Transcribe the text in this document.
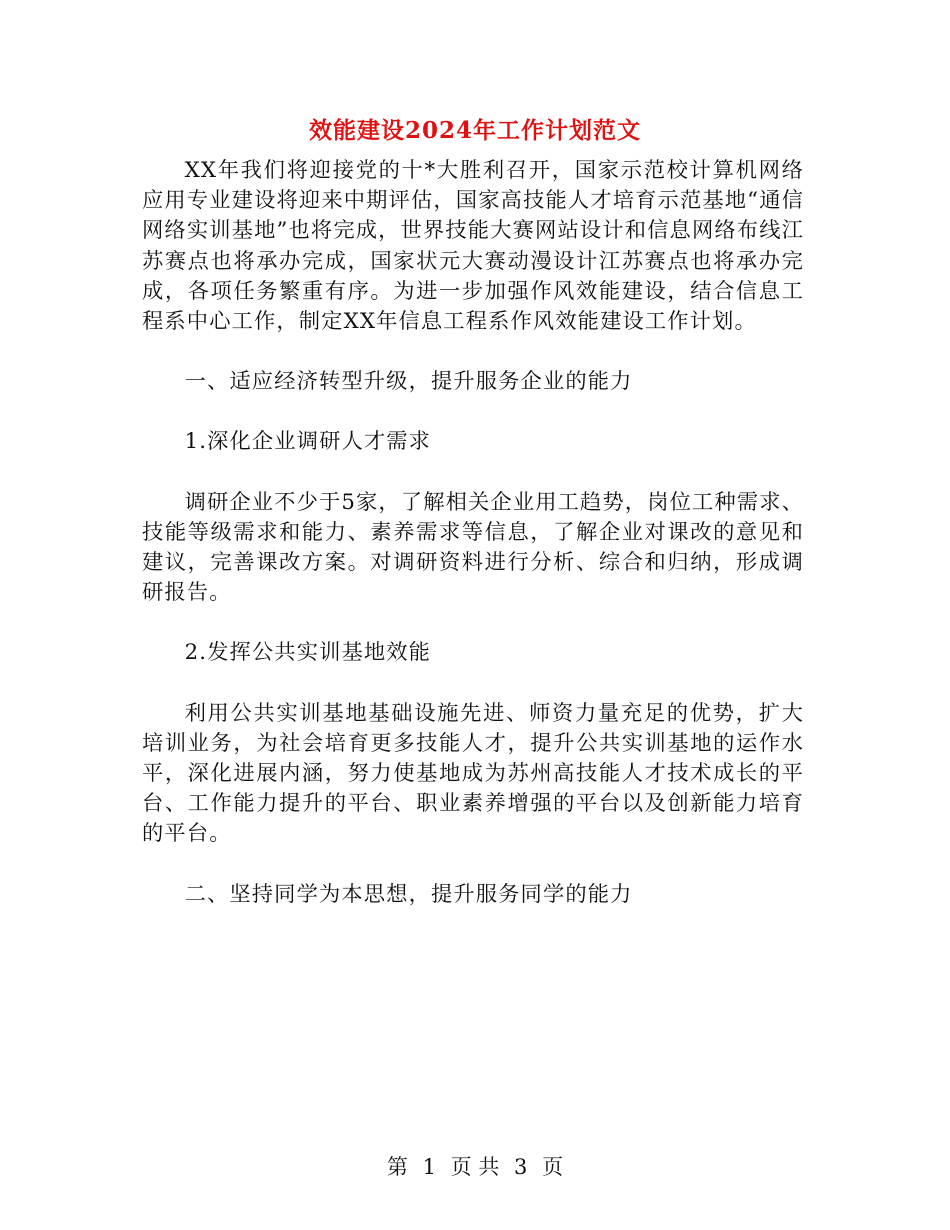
效能建设2024年工作计划范文

XX年我们将迎接党的十*大胜利召开，国家示范校计算机网络应用专业建设将迎来中期评估，国家高技能人才培育示范基地“通信网络实训基地”也将完成，世界技能大赛网站设计和信息网络布线江苏赛点也将承办完成，国家状元大赛动漫设计江苏赛点也将承办完成，各项任务繁重有序。为进一步加强作风效能建设，结合信息工程系中心工作，制定XX年信息工程系作风效能建设工作计划。

一、适应经济转型升级，提升服务企业的能力

1.深化企业调研人才需求

调研企业不少于5家，了解相关企业用工趋势，岗位工种需求、技能等级需求和能力、素养需求等信息，了解企业对课改的意见和建议，完善课改方案。对调研资料进行分析、综合和归纳，形成调研报告。

2.发挥公共实训基地效能

利用公共实训基地基础设施先进、师资力量充足的优势，扩大培训业务，为社会培育更多技能人才，提升公共实训基地的运作水平，深化进展内涵，努力使基地成为苏州高技能人才技术成长的平台、工作能力提升的平台、职业素养增强的平台以及创新能力培育的平台。

二、坚持同学为本思想，提升服务同学的能力

第 1 页 共 3 页
